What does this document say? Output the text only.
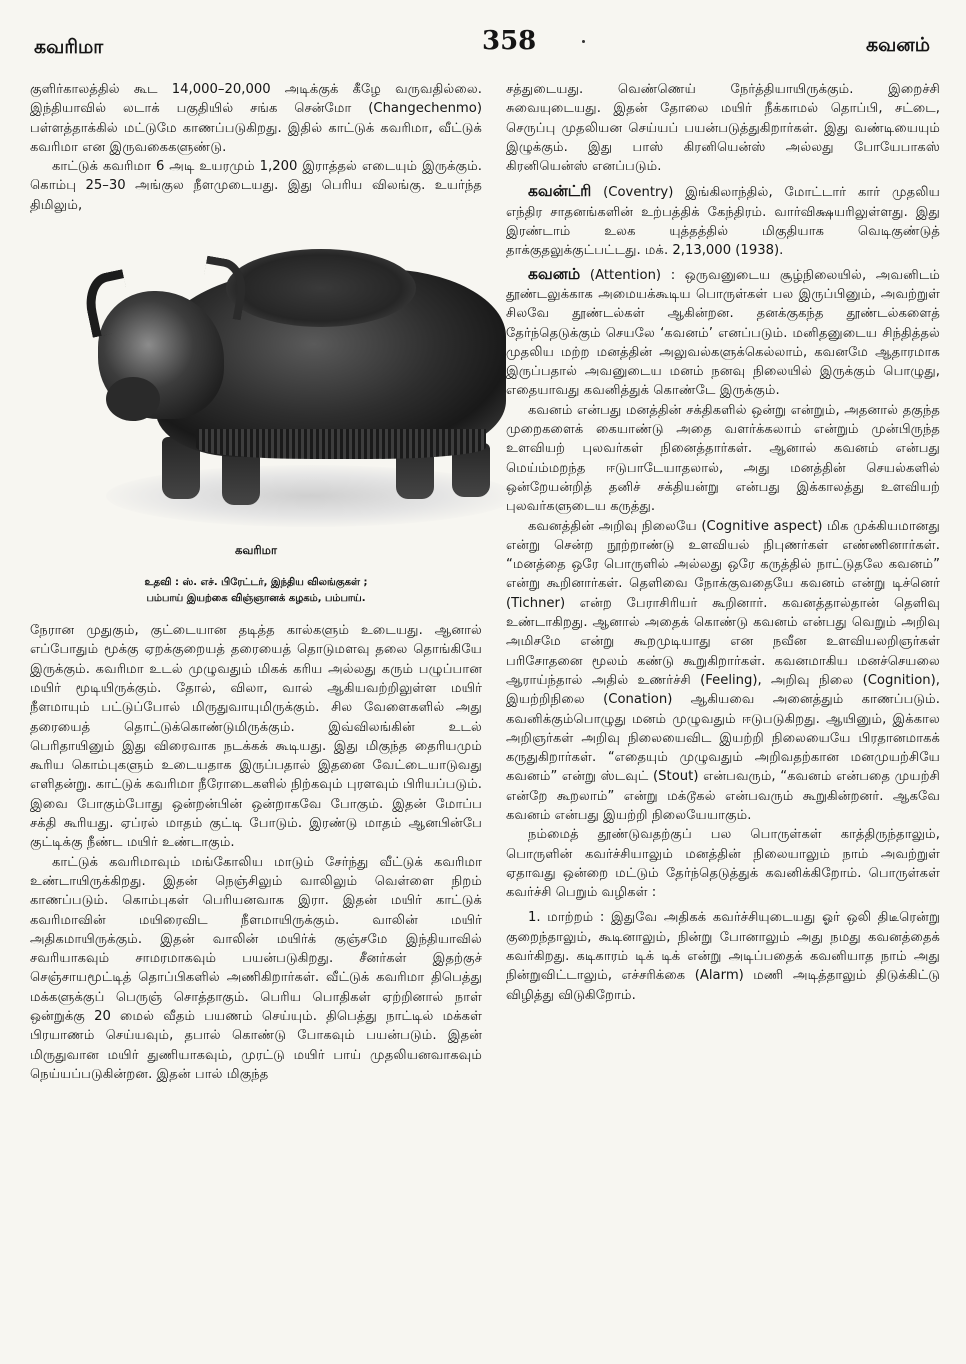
கவரிமா	358	கவனம்

குளிர்காலத்தில் கூட 14,000–20,000 அடிக்குக் கீழே வருவதில்லை. இந்தியாவில் லடாக் பகுதியில் சங்க சென்மோ (Changechenmo) பள்ளத்தாக்கில் மட்டுமே காணப்படுகிறது. இதில் காட்டுக் கவரிமா, வீட்டுக் கவரிமா என இருவகைகளுண்டு.

காட்டுக் கவரிமா 6 அடி உயரமும் 1,200 இராத்தல் எடையும் இருக்கும். கொம்பு 25–30 அங்குல நீளமுடையது. இது பெரிய விலங்கு. உயர்ந்த திமிலும்,

கவரிமா
உதவி : ஸ். எச். பிரேட்டர், இந்திய விலங்குகள் ;
பம்பாய் இயற்கை விஞ்ஞானக் கழகம், பம்பாய்.

நேரான முதுகும், குட்டையான தடித்த கால்களும் உடையது. ஆனால் எப்போதும் மூக்கு ஏறக்குறையத் தரையைத் தொடுமளவு தலை தொங்கியே இருக்கும். கவரிமா உடல் முழுவதும் மிகக் கரிய அல்லது கரும் பழுப்பான மயிர் மூடியிருக்கும். தோல், விலா, வால் ஆகியவற்றிலுள்ள மயிர் நீளமாயும் பட்டுப்போல் மிருதுவாயுமிருக்கும். சில வேளைகளில் அது தரையைத் தொட்டுக்கொண்டுமிருக்கும். இவ்விலங்கின் உடல் பெரிதாயினும் இது விரைவாக நடக்கக் கூடியது. இது மிகுந்த தைரியமும் கூரிய கொம்புகளும் உடையதாக இருப்பதால் இதனை வேட்டையாடுவது எளிதன்று. காட்டுக் கவரிமா நீரோடைகளில் நிற்கவும் புரளவும் பிரியப்படும். இவை போகும்போது ஒன்றன்பின் ஒன்றாகவே போகும். இதன் மோப்ப சக்தி கூரியது. ஏப்ரல் மாதம் குட்டி போடும். இரண்டு மாதம் ஆனபின்பே குட்டிக்கு நீண்ட மயிர் உண்டாகும்.

காட்டுக் கவரிமாவும் மங்கோலிய மாடும் சேர்ந்து வீட்டுக் கவரிமா உண்டாயிருக்கிறது. இதன் நெஞ்சிலும் வாலிலும் வெள்ளை நிறம் காணப்படும். கொம்புகள் பெரியனவாக இரா. இதன் மயிர் காட்டுக் கவரிமாவின் மயிரைவிட நீளமாயிருக்கும். வாலின் மயிர் அதிகமாயிருக்கும். இதன் வாலின் மயிர்க் குஞ்சமே இந்தியாவில் சவரியாகவும் சாமரமாகவும் பயன்படுகிறது. சீனர்கள் இதற்குச் செஞ்சாயமூட்டித் தொப்பிகளில் அணிகிறார்கள். வீட்டுக் கவரிமா திபெத்து மக்களுக்குப் பெருஞ் சொத்தாகும். பெரிய பொதிகள் ஏற்றினால் நாள் ஒன்றுக்கு 20 மைல் வீதம் பயணம் செய்யும். திபெத்து நாட்டில் மக்கள் பிரயாணம் செய்யவும், தபால் கொண்டு போகவும் பயன்படும். இதன் மிருதுவான மயிர் துணியாகவும், முரட்டு மயிர் பாய் முதலியனவாகவும் நெய்யப்படுகின்றன. இதன் பால் மிகுந்த

சத்துடையது. வெண்ணெய் நேர்த்தியாயிருக்கும். இறைச்சி சுவையுடையது. இதன் தோலை மயிர் நீக்காமல் தொப்பி, சட்டை, செருப்பு முதலியன செய்யப் பயன்படுத்துகிறார்கள். இது வண்டியையும் இழுக்கும். இது பாஸ் கிரனியென்ஸ் அல்லது போயேபாகஸ் கிரனியென்ஸ் எனப்படும்.

கவன்ட்ரி (Coventry) இங்கிலாந்தில், மோட்டார் கார் முதலிய எந்திர சாதனங்களின் உற்பத்திக் கேந்திரம். வார்விக்ஷயரிலுள்ளது. இது இரண்டாம் உலக யுத்தத்தில் மிகுதியாக வெடிகுண்டுத் தாக்குதலுக்குட்பட்டது. மக். 2,13,000 (1938).

கவனம் (Attention) : ஒருவனுடைய சூழ்நிலையில், அவனிடம் தூண்டலுக்காக அமையக்கூடிய பொருள்கள் பல இருப்பினும், அவற்றுள் சிலவே தூண்டல்கள் ஆகின்றன. தனக்குகந்த தூண்டல்களைத் தேர்ந்தெடுக்கும் செயலே ‘கவனம்’ எனப்படும். மனிதனுடைய சிந்தித்தல் முதலிய மற்ற மனத்தின் அலுவல்களுக்கெல்லாம், கவனமே ஆதாரமாக இருப்பதால் அவனுடைய மனம் நனவு நிலையில் இருக்கும் பொழுது, எதையாவது கவனித்துக் கொண்டே இருக்கும்.

கவனம் என்பது மனத்தின் சக்திகளில் ஒன்று என்றும், அதனால் தகுந்த முறைகளைக் கையாண்டு அதை வளர்க்கலாம் என்றும் முன்பிருந்த உளவியற் புலவர்கள் நினைத்தார்கள். ஆனால் கவனம் என்பது மெய்ம்மறந்த ஈடுபாடேயாதலால், அது மனத்தின் செயல்களில் ஒன்றேயன்றித் தனிச் சக்தியன்று என்பது இக்காலத்து உளவியற் புலவர்களுடைய கருத்து.

கவனத்தின் அறிவு நிலையே (Cognitive aspect) மிக முக்கியமானது என்று சென்ற நூற்றாண்டு உளவியல் நிபுணர்கள் எண்ணினார்கள். “மனத்தை ஒரே பொருளில் அல்லது ஒரே கருத்தில் நாட்டுதலே கவனம்” என்று கூறினார்கள். தெளிவை நோக்குவதையே கவனம் என்று டிச்னெர் (Tichner) என்ற பேராசிரியர் கூறினார். கவனத்தால்தான் தெளிவு உண்டாகிறது. ஆனால் அதைக் கொண்டு கவனம் என்பது வெறும் அறிவு அமிசமே என்று கூறமுடியாது என நவீன உளவியலறிஞர்கள் பரிசோதனை மூலம் கண்டு கூறுகிறார்கள். கவனமாகிய மனச்செயலை ஆராய்ந்தால் அதில் உணர்ச்சி (Feeling), அறிவு நிலை (Cognition), இயற்றிநிலை (Conation) ஆகியவை அனைத்தும் காணப்படும். கவனிக்கும்பொழுது மனம் முழுவதும் ஈடுபடுகிறது. ஆயினும், இக்கால அறிஞர்கள் அறிவு நிலையைவிட இயற்றி நிலையையே பிரதானமாகக் கருதுகிறார்கள். “எதையும் முழுவதும் அறிவதற்கான மனமுயற்சியே கவனம்” என்று ஸ்டவுட் (Stout) என்பவரும், “கவனம் என்பதை முயற்சி என்றே கூறலாம்” என்று மக்டூகல் என்பவரும் கூறுகின்றனர். ஆகவே கவனம் என்பது இயற்றி நிலையேயாகும்.

நம்மைத் தூண்டுவதற்குப் பல பொருள்கள் காத்திருந்தாலும், பொருளின் கவர்ச்சியாலும் மனத்தின் நிலையாலும் நாம் அவற்றுள் ஏதாவது ஒன்றை மட்டும் தேர்ந்தெடுத்துக் கவனிக்கிறோம். பொருள்கள் கவர்ச்சி பெறும் வழிகள் :

1. மாற்றம் : இதுவே அதிகக் கவர்ச்சியுடையது ஓர் ஒலி திடீரென்று குறைந்தாலும், கூடினாலும், நின்று போனாலும் அது நமது கவனத்தைக் கவர்கிறது. கடிகாரம் டிக் டிக் என்று அடிப்பதைக் கவனியாத நாம் அது நின்றுவிட்டாலும், எச்சரிக்கை (Alarm) மணி அடித்தாலும் திடுக்கிட்டு விழித்து விடுகிறோம்.
